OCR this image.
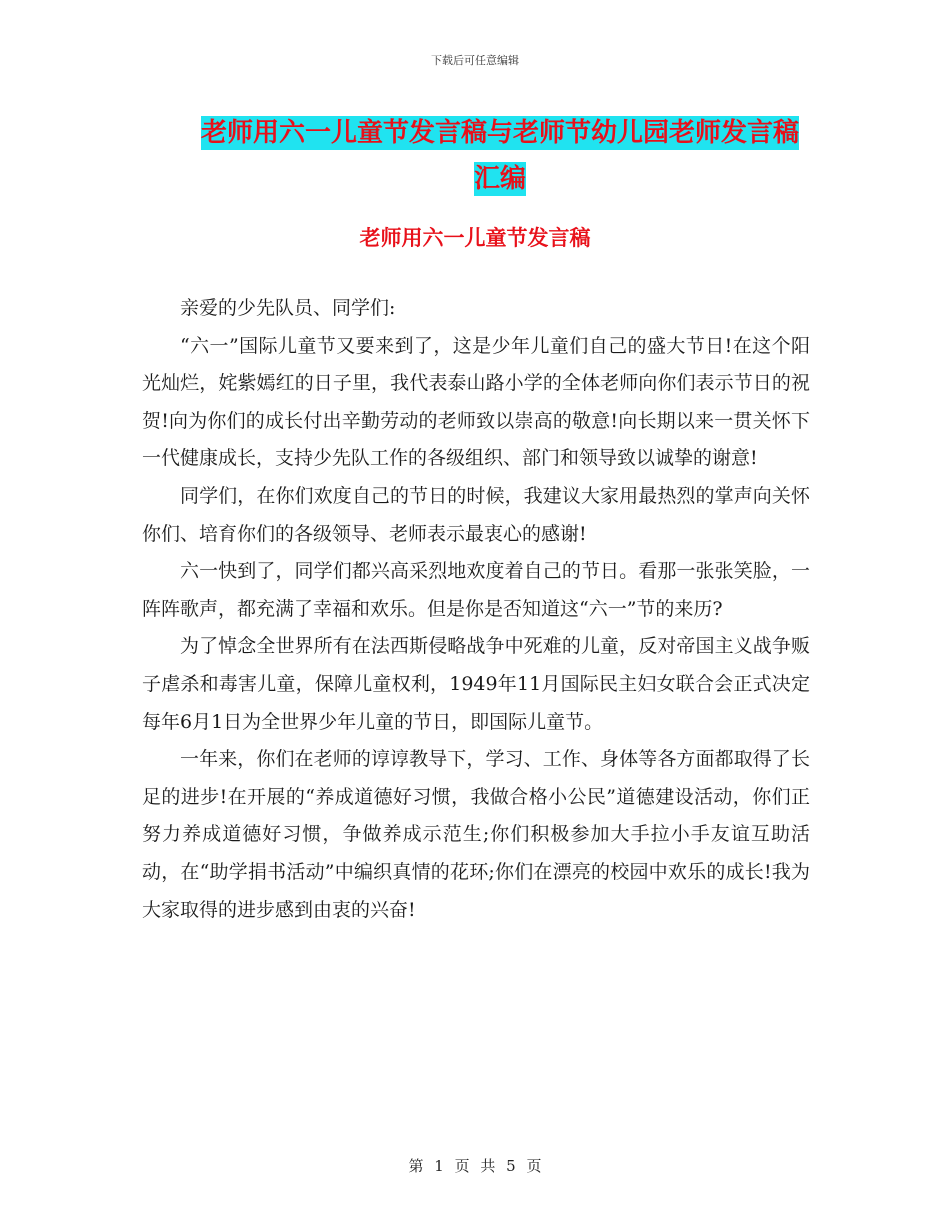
下载后可任意编辑
老师用六一儿童节发言稿与老师节幼儿园老师发言稿
汇编
老师用六一儿童节发言稿

亲爱的少先队员、同学们:

“六一”国际儿童节又要来到了，这是少年儿童们自己的盛大节日!在这个阳光灿烂，姹紫嫣红的日子里，我代表泰山路小学的全体老师向你们表示节日的祝贺!向为你们的成长付出辛勤劳动的老师致以崇高的敬意!向长期以来一贯关怀下一代健康成长，支持少先队工作的各级组织、部门和领导致以诚挚的谢意!

同学们，在你们欢度自己的节日的时候，我建议大家用最热烈的掌声向关怀你们、培育你们的各级领导、老师表示最衷心的感谢!

六一快到了，同学们都兴高采烈地欢度着自己的节日。看那一张张笑脸，一阵阵歌声，都充满了幸福和欢乐。但是你是否知道这“六一”节的来历?

为了悼念全世界所有在法西斯侵略战争中死难的儿童，反对帝国主义战争贩子虐杀和毒害儿童，保障儿童权利，1949年11月国际民主妇女联合会正式决定每年6月1日为全世界少年儿童的节日，即国际儿童节。

一年来，你们在老师的谆谆教导下，学习、工作、身体等各方面都取得了长足的进步!在开展的“养成道德好习惯，我做合格小公民”道德建设活动，你们正努力养成道德好习惯，争做养成示范生;你们积极参加大手拉小手友谊互助活动，在“助学捐书活动”中编织真情的花环;你们在漂亮的校园中欢乐的成长!我为大家取得的进步感到由衷的兴奋!

第 1 页 共 5 页
